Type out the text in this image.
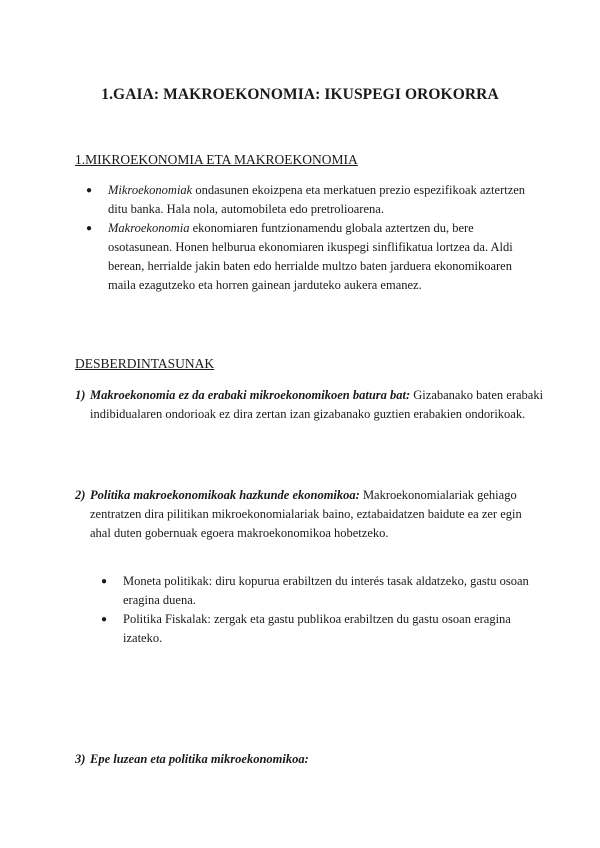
1.GAIA: MAKROEKONOMIA: IKUSPEGI OROKORRA
1.MIKROEKONOMIA ETA MAKROEKONOMIA
● Mikroekonomiak ondasunen ekoizpena eta merkatuen prezio espezifikoak aztertzen ditu banka. Hala nola, automobileta edo pretrolioarena.
● Makroekonomia ekonomiaren funtzionamendu globala aztertzen du, bere osotasunean. Honen helburua ekonomiaren ikuspegi sinflifikatua lortzea da. Aldi berean, herrialde jakin baten edo herrialde multzo baten jarduera ekonomikoaren maila ezagutzeko eta horren gainean jarduteko aukera emanez.
DESBERDINTASUNAK
1) Makroekonomia ez da erabaki mikroekonomikoen batura bat: Gizabanako baten erabaki indibidualaren ondorioak ez dira zertan izan gizabanako guztien erabakien ondorikoak.
2) Politika makroekonomikoak hazkunde ekonomikoa: Makroekonomialariak gehiago zentratzen dira pilitikan mikroekonomialariak baino, eztabaidatzen baidute ea zer egin ahal duten gobernuak egoera makroekonomikoa hobetzeko.
● Moneta politikak: diru kopurua erabiltzen du interés tasak aldatzeko, gastu osoan eragina duena.
● Politika Fiskalak: zergak eta gastu publikoa erabiltzen du gastu osoan eragina izateko.
3) Epe luzean eta politika mikroekonomikoa:
